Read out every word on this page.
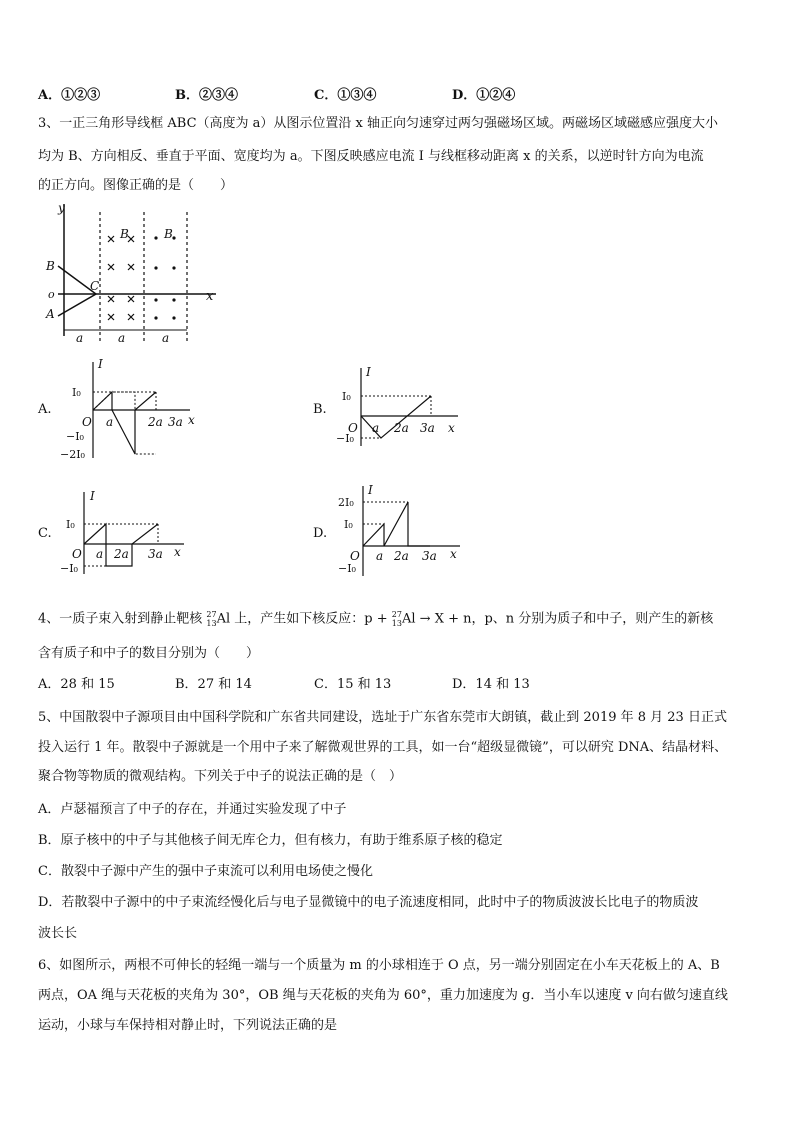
A．①②③	B．②③④	C．①③④	D．①②④
3、一正三角形导线框 ABC（高度为 a）从图示位置沿 x 轴正向匀速穿过两匀强磁场区域。两磁场区域磁感应强度大小
均为 B、方向相反、垂直于平面、宽度均为 a。下图反映感应电流 I 与线框移动距离 x 的关系，以逆时针方向为电流
的正方向。图像正确的是（　　）
y
x
B
C
A
o
B	B
a	a	a
A.
I
x
O a	2a 3a
I₀
−I₀
−2I₀
B.
I
x
O a 2a 3a
I₀
−I₀
C.
I
x
O a 2a 3a
I₀
−I₀
D.
I
x
O a 2a 3a
2I₀
I₀
−I₀
4、一质子束入射到静止靶核 27
13 Al 上，产生如下核反应：p + 27
13 Al → X + n，p、n 分别为质子和中子，则产生的新核
含有质子和中子的数目分别为（　　）
A．28 和 15	B．27 和 14	C．15 和 13	D．14 和 13
5、中国散裂中子源项目由中国科学院和广东省共同建设，选址于广东省东莞市大朗镇，截止到 2019 年 8 月 23 日正式
投入运行 1 年。散裂中子源就是一个用中子来了解微观世界的工具，如一台“超级显微镜”，可以研究 DNA、结晶材料、
聚合物等物质的微观结构。下列关于中子的说法正确的是（　）
A．卢瑟福预言了中子的存在，并通过实验发现了中子
B．原子核中的中子与其他核子间无库仑力，但有核力，有助于维系原子核的稳定
C．散裂中子源中产生的强中子束流可以利用电场使之慢化
D．若散裂中子源中的中子束流经慢化后与电子显微镜中的电子流速度相同，此时中子的物质波波长比电子的物质波
波长长
6、如图所示，两根不可伸长的轻绳一端与一个质量为 m 的小球相连于 O 点，另一端分别固定在小车天花板上的 A、B
两点，OA 绳与天花板的夹角为 30°，OB 绳与天花板的夹角为 60°，重力加速度为 g．当小车以速度 v 向右做匀速直线
运动，小球与车保持相对静止时，下列说法正确的是
